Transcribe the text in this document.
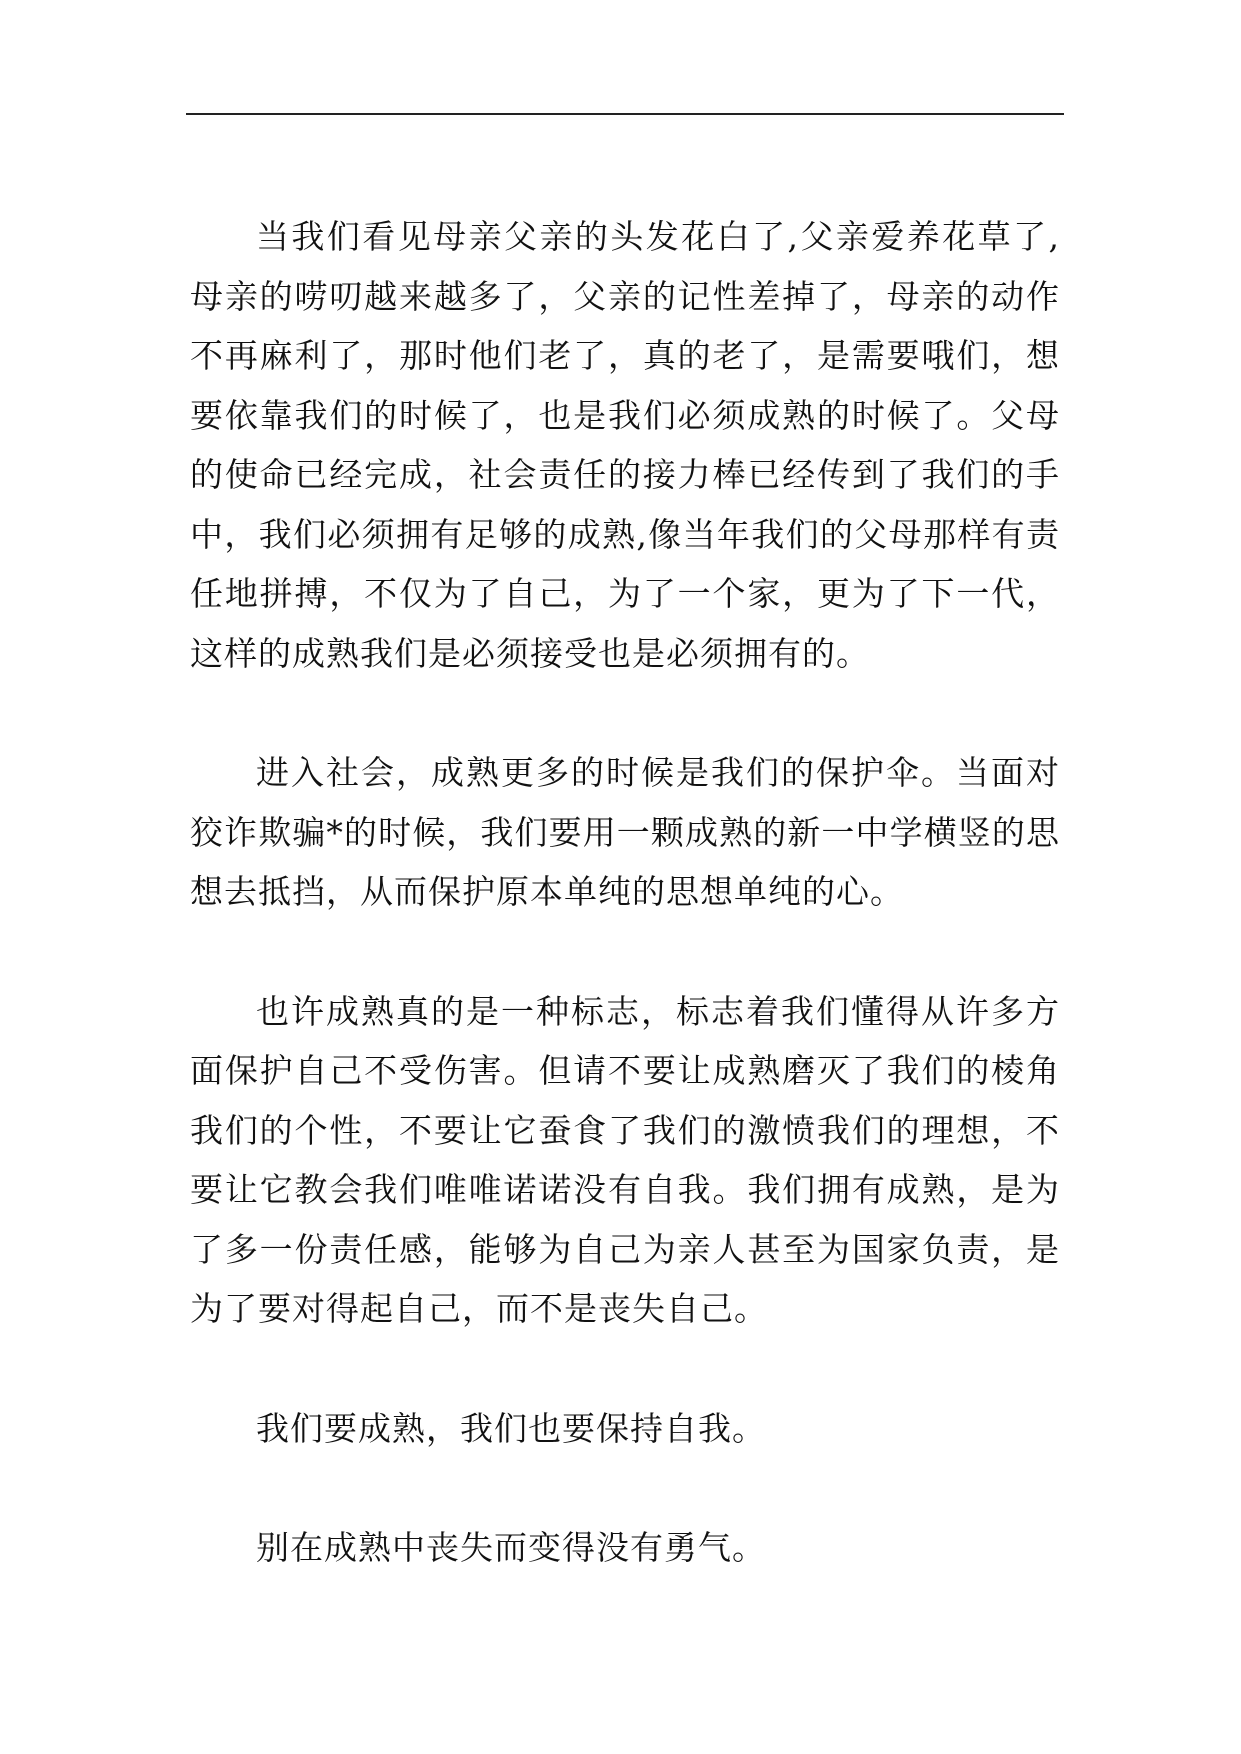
当我们看见母亲父亲的头发花白了,父亲爱养花草了,母亲的唠叨越来越多了，父亲的记性差掉了，母亲的动作不再麻利了，那时他们老了，真的老了，是需要哦们，想要依靠我们的时候了，也是我们必须成熟的时候了。父母的使命已经完成，社会责任的接力棒已经传到了我们的手中，我们必须拥有足够的成熟,像当年我们的父母那样有责任地拼搏，不仅为了自己，为了一个家，更为了下一代，这样的成熟我们是必须接受也是必须拥有的。

进入社会，成熟更多的时候是我们的保护伞。当面对狡诈欺骗*的时候，我们要用一颗成熟的新一中学横竖的思想去抵挡，从而保护原本单纯的思想单纯的心。

也许成熟真的是一种标志，标志着我们懂得从许多方面保护自己不受伤害。但请不要让成熟磨灭了我们的棱角我们的个性，不要让它蚕食了我们的激愤我们的理想，不要让它教会我们唯唯诺诺没有自我。我们拥有成熟，是为了多一份责任感，能够为自己为亲人甚至为国家负责，是为了要对得起自己，而不是丧失自己。

我们要成熟，我们也要保持自我。

别在成熟中丧失而变得没有勇气。
